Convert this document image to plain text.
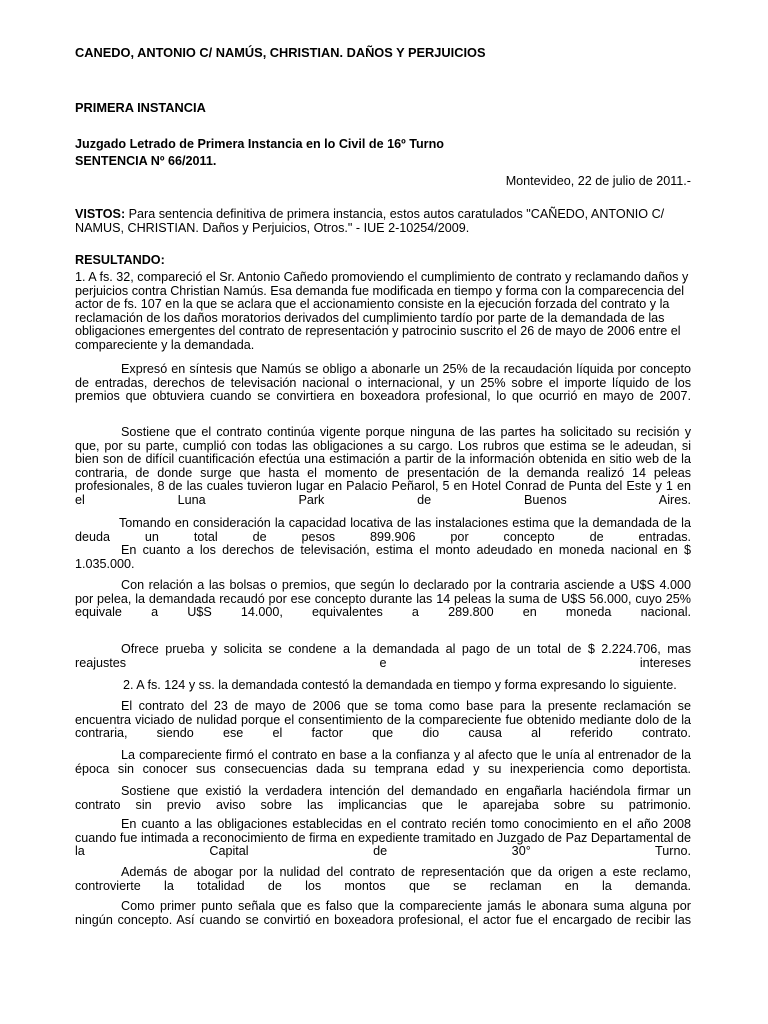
CANEDO, ANTONIO C/ NAMÚS, CHRISTIAN. DAÑOS Y PERJUICIOS

PRIMERA INSTANCIA

Juzgado Letrado de Primera Instancia en lo Civil de 16º Turno

SENTENCIA Nº 66/2011.

Montevideo, 22 de julio de 2011.-

VISTOS: Para sentencia definitiva de primera instancia, estos autos caratulados "CAÑEDO, ANTONIO C/ NAMUS, CHRISTIAN. Daños y Perjuicios, Otros." - IUE 2-10254/2009.

RESULTANDO:

1. A fs. 32, compareció el Sr. Antonio Cañedo promoviendo el cumplimiento de contrato y reclamando daños y perjuicios contra Christian Namús. Esa demanda fue modificada en tiempo y forma con la comparecencia del actor de fs. 107 en la que se aclara que el accionamiento consiste en la ejecución forzada del contrato y la reclamación de los daños moratorios derivados del cumplimiento tardío por parte de la demandada de las obligaciones emergentes del contrato de representación y patrocinio suscrito el 26 de mayo de 2006 entre el compareciente y la demandada.

Expresó en síntesis que Namús se obligo a abonarle un 25% de la recaudación líquida por concepto de entradas, derechos de televisación nacional o internacional, y un 25% sobre el importe líquido de los premios que obtuviera cuando se convirtiera en boxeadora profesional, lo que ocurrió en mayo de 2007.

Sostiene que el contrato continúa vigente porque ninguna de las partes ha solicitado su recisión y que, por su parte, cumplió con todas las obligaciones a su cargo. Los rubros que estima se le adeudan, si bien son de difícil cuantificación efectúa una estimación a partir de la información obtenida en sitio web de la contraria, de donde surge que hasta el momento de presentación de la demanda realizó 14 peleas profesionales, 8 de las cuales tuvieron lugar en Palacio Peñarol, 5 en Hotel Conrad de Punta del Este y 1 en el Luna Park de Buenos Aires.

Tomando en consideración la capacidad locativa de las instalaciones estima que la demandada de la deuda un total de pesos 899.906 por concepto de entradas.

En cuanto a los derechos de televisación, estima el monto adeudado en moneda nacional en $ 1.035.000.

Con relación a las bolsas o premios, que según lo declarado por la contraria asciende a U$S 4.000 por pelea, la demandada recaudó por ese concepto durante las 14 peleas la suma de U$S 56.000, cuyo 25% equivale a U$S 14.000, equivalentes a 289.800 en moneda nacional.

Ofrece prueba y solicita se condene a la demandada al pago de un total de $ 2.224.706, mas reajustes e intereses

2. A fs. 124 y ss. la demandada contestó la demandada en tiempo y forma expresando lo siguiente.

El contrato del 23 de mayo de 2006 que se toma como base para la presente reclamación se encuentra viciado de nulidad porque el consentimiento de la compareciente fue obtenido mediante dolo de la contraria, siendo ese el factor que dio causa al referido contrato.

La compareciente firmó el contrato en base a la confianza y al afecto que le unía al entrenador de la época sin conocer sus consecuencias dada su temprana edad y su inexperiencia como deportista.

Sostiene que existió la verdadera intención del demandado en engañarla haciéndola firmar un contrato sin previo aviso sobre las implicancias que le aparejaba sobre su patrimonio.

En cuanto a las obligaciones establecidas en el contrato recién tomo conocimiento en el año 2008 cuando fue intimada a reconocimiento de firma en expediente tramitado en Juzgado de Paz Departamental de la Capital de 30° Turno.

Además de abogar por la nulidad del contrato de representación que da origen a este reclamo, controvierte la totalidad de los montos que se reclaman en la demanda.

Como primer punto señala que es falso que la compareciente jamás le abonara suma alguna por ningún concepto. Así cuando se convirtió en boxeadora profesional, el actor fue el encargado de recibir las
